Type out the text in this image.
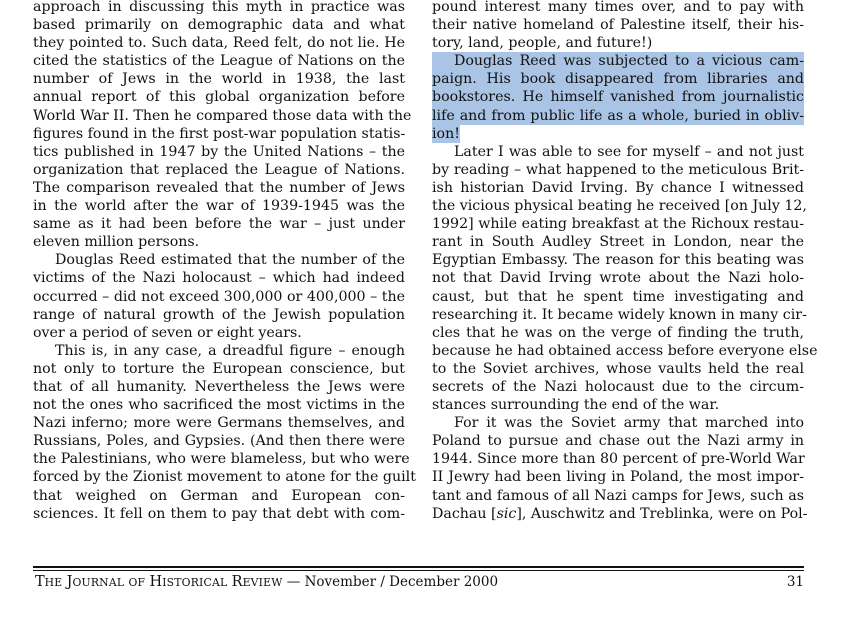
approach in discussing this myth in practice was
based primarily on demographic data and what
they pointed to. Such data, Reed felt, do not lie. He
cited the statistics of the League of Nations on the
number of Jews in the world in 1938, the last
annual report of this global organization before
World War II. Then he compared those data with the
figures found in the first post-war population statis-
tics published in 1947 by the United Nations – the
organization that replaced the League of Nations.
The comparison revealed that the number of Jews
in the world after the war of 1939-1945 was the
same as it had been before the war – just under
eleven million persons.
Douglas Reed estimated that the number of the
victims of the Nazi holocaust – which had indeed
occurred – did not exceed 300,000 or 400,000 – the
range of natural growth of the Jewish population
over a period of seven or eight years.
This is, in any case, a dreadful figure – enough
not only to torture the European conscience, but
that of all humanity. Nevertheless the Jews were
not the ones who sacrificed the most victims in the
Nazi inferno; more were Germans themselves, and
Russians, Poles, and Gypsies. (And then there were
the Palestinians, who were blameless, but who were
forced by the Zionist movement to atone for the guilt
that weighed on German and European con-
sciences. It fell on them to pay that debt with com-
pound interest many times over, and to pay with
their native homeland of Palestine itself, their his-
tory, land, people, and future!)
Douglas Reed was subjected to a vicious cam-
paign. His book disappeared from libraries and
bookstores. He himself vanished from journalistic
life and from public life as a whole, buried in obliv-
ion!

Later I was able to see for myself – and not just
by reading – what happened to the meticulous Brit-
ish historian David Irving. By chance I witnessed
the vicious physical beating he received [on July 12,
1992] while eating breakfast at the Richoux restau-
rant in South Audley Street in London, near the
Egyptian Embassy. The reason for this beating was
not that David Irving wrote about the Nazi holo-
caust, but that he spent time investigating and
researching it. It became widely known in many cir-
cles that he was on the verge of finding the truth,
because he had obtained access before everyone else
to the Soviet archives, whose vaults held the real
secrets of the Nazi holocaust due to the circum-
stances surrounding the end of the war.
For it was the Soviet army that marched into
Poland to pursue and chase out the Nazi army in
1944. Since more than 80 percent of pre-World War
II Jewry had been living in Poland, the most impor-
tant and famous of all Nazi camps for Jews, such as
Dachau [sic], Auschwitz and Treblinka, were on Pol-
THE JOURNAL OF HISTORICAL REVIEW — November / December 2000	31
